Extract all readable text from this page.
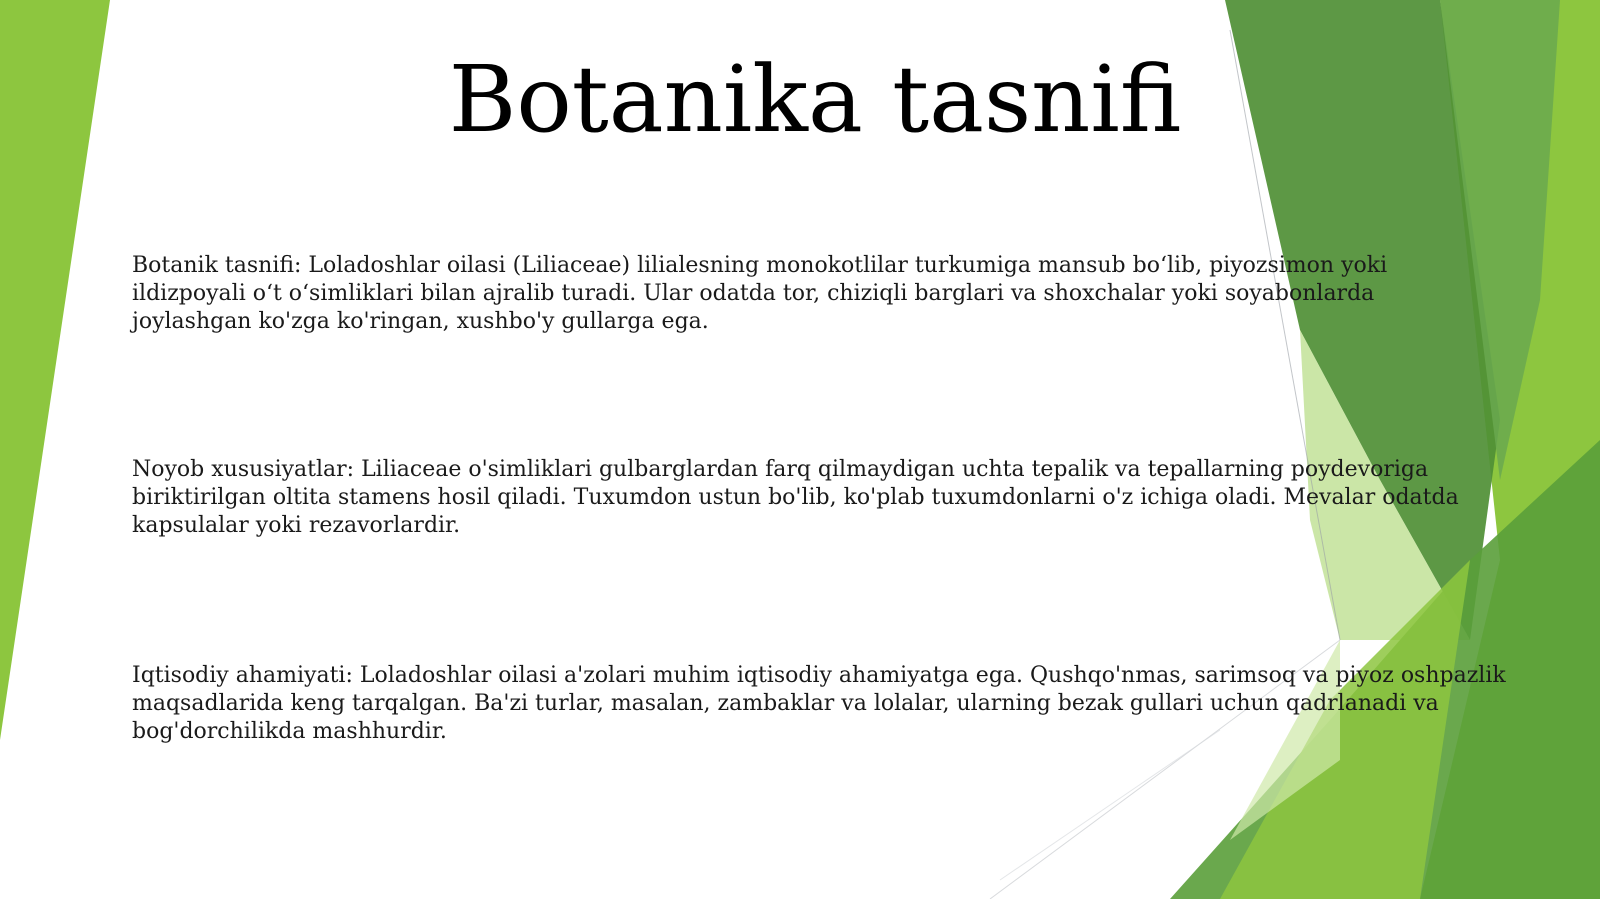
Botanika tasnifi

Botanik tasnifi: Loladoshlar oilasi (Liliaceae) lilialesning monokotlilar turkumiga mansub bo‘lib, piyozsimon yoki ildizpoyali o‘t o‘simliklari bilan ajralib turadi. Ular odatda tor, chiziqli barglari va shoxchalar yoki soyabonlarda joylashgan ko'zga ko'ringan, xushbo'y gullarga ega.

Noyob xususiyatlar: Liliaceae o'simliklari gulbarglardan farq qilmaydigan uchta tepalik va tepallarning poydevoriga biriktirilgan oltita stamens hosil qiladi. Tuxumdon ustun bo'lib, ko'plab tuxumdonlarni o'z ichiga oladi. Mevalar odatda kapsulalar yoki rezavorlardir.

Iqtisodiy ahamiyati: Loladoshlar oilasi a'zolari muhim iqtisodiy ahamiyatga ega. Qushqo'nmas, sarimsoq va piyoz oshpazlik maqsadlarida keng tarqalgan. Ba'zi turlar, masalan, zambaklar va lolalar, ularning bezak gullari uchun qadrlanadi va bog'dorchilikda mashhurdir.
